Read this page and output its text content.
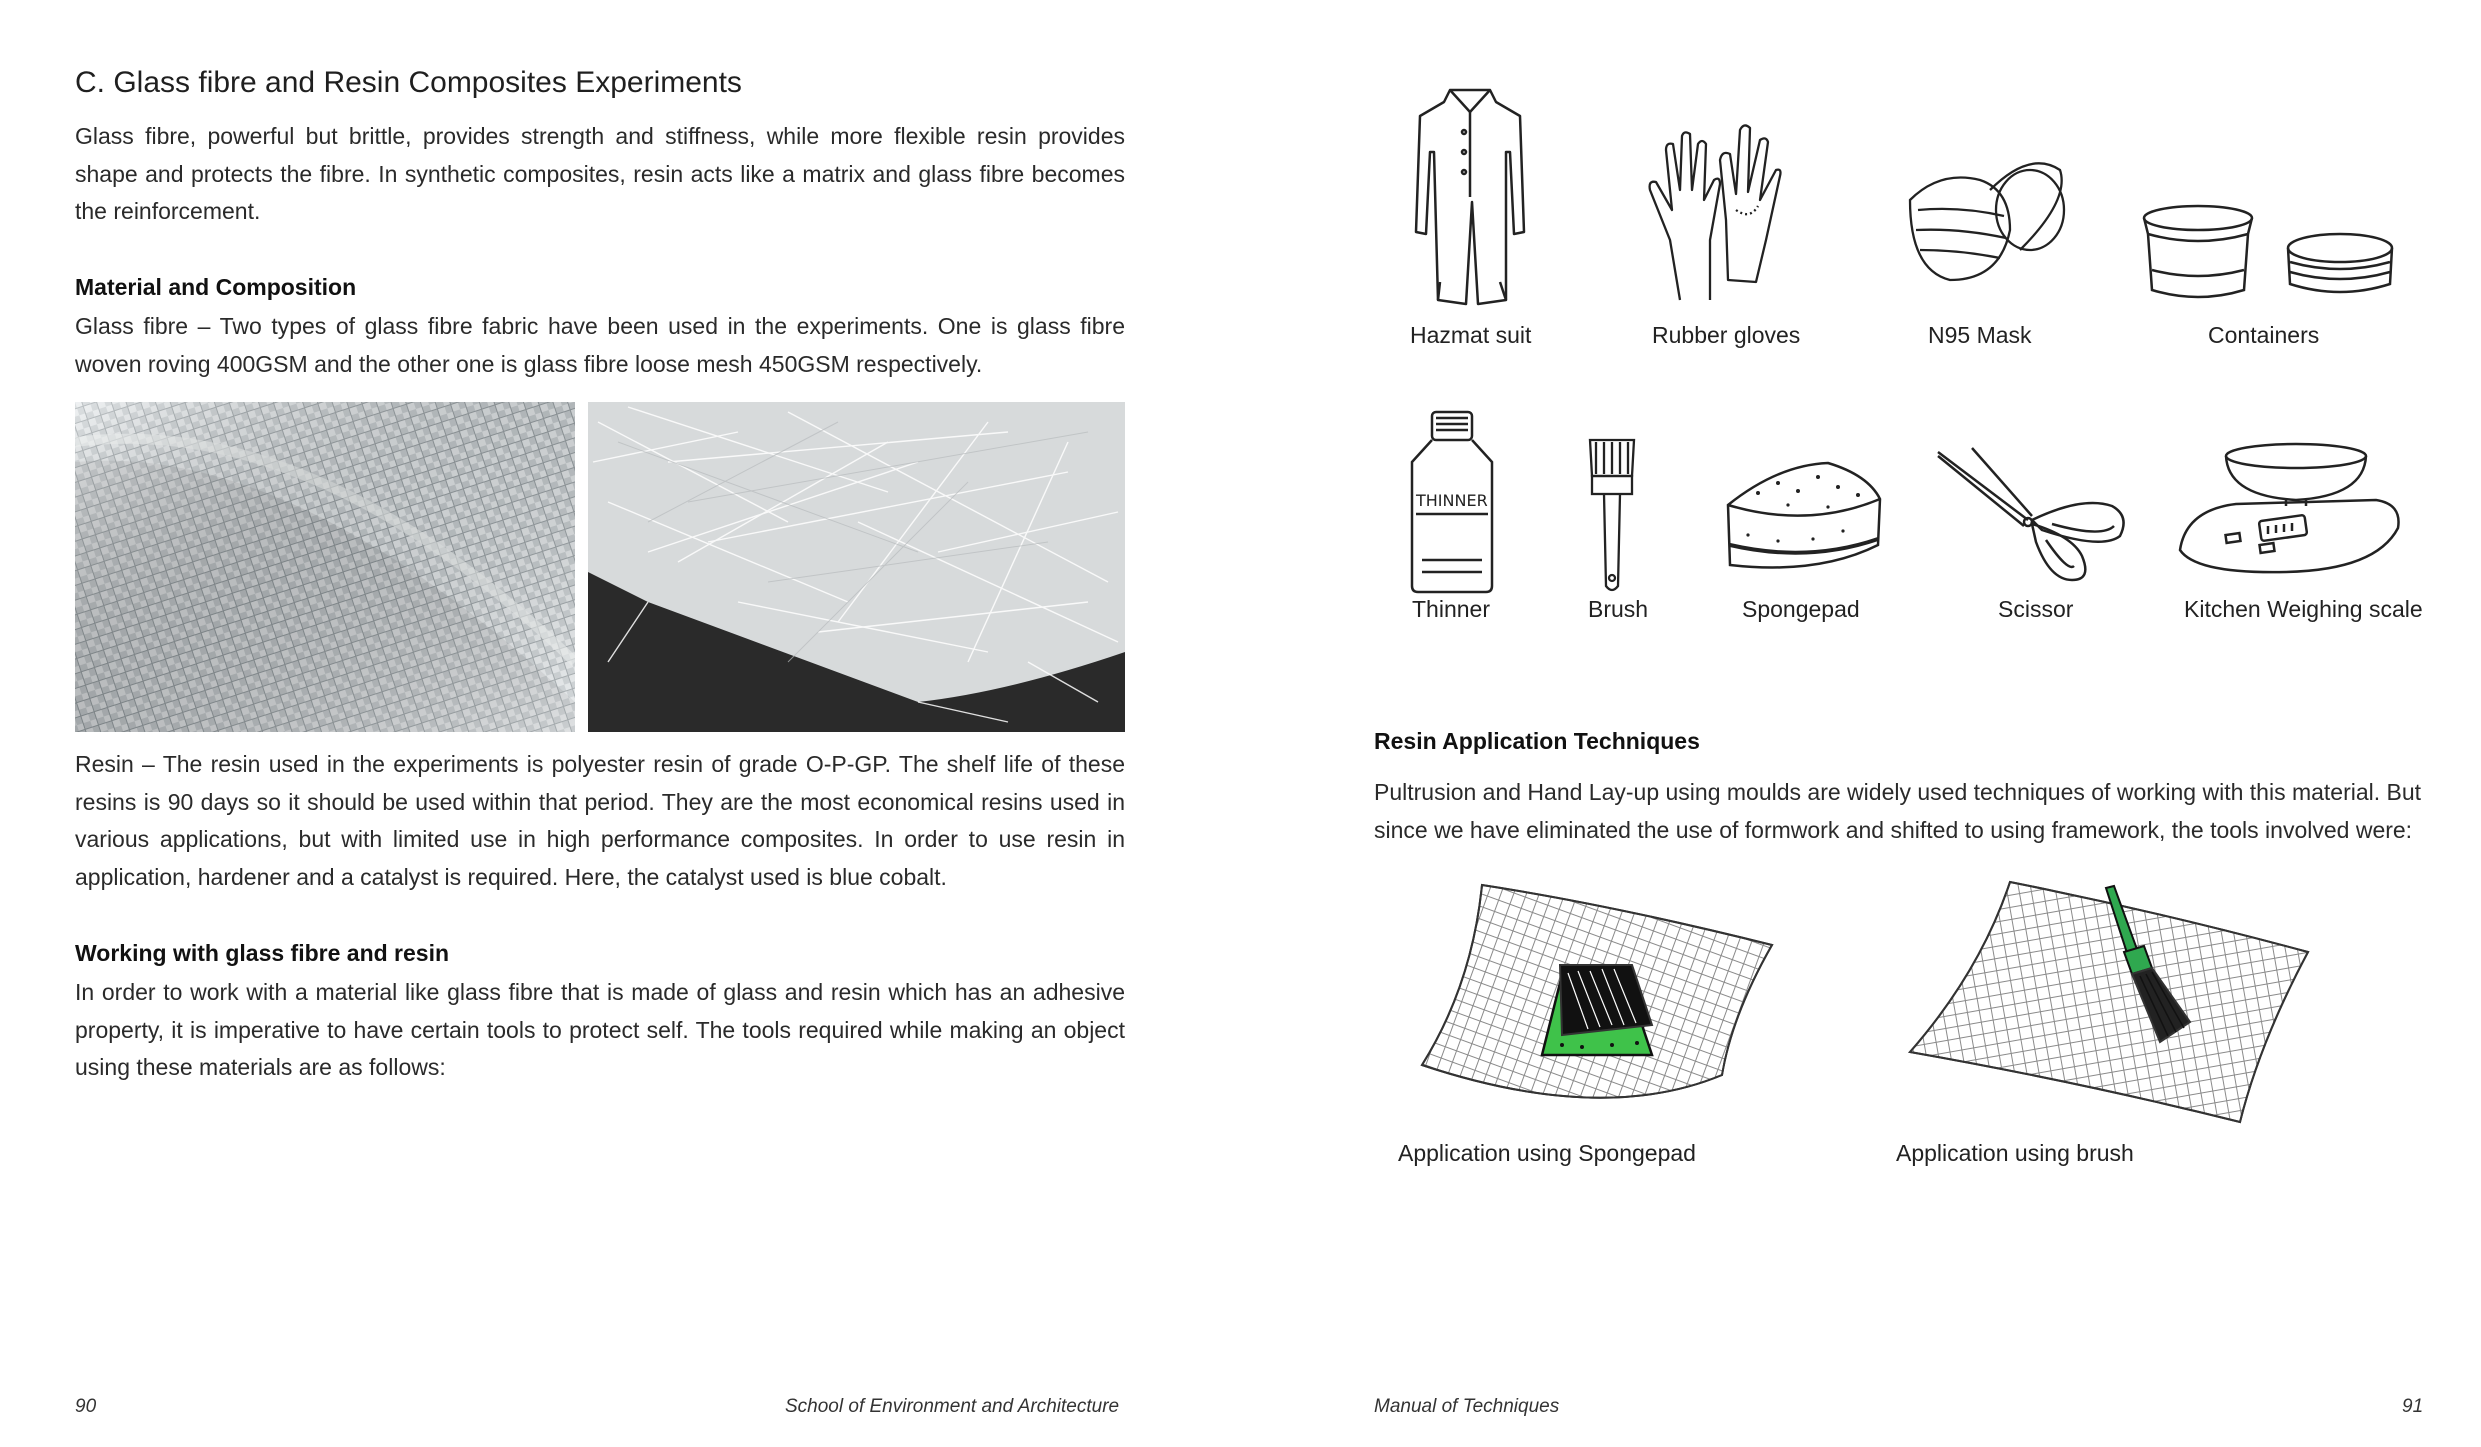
C. Glass fibre and Resin Composites Experiments

Glass fibre, powerful but brittle, provides strength and stiffness, while more flexible resin provides shape and protects the fibre. In synthetic composites, resin acts like a matrix and glass fibre becomes the reinforcement.

Material and Composition

Glass fibre – Two types of glass fibre fabric have been used in the experiments. One is glass fibre woven roving 400GSM and the other one is glass fibre loose mesh 450GSM respectively.

Resin – The resin used in the experiments is polyester resin of grade O-P-GP. The shelf life of these resins is 90 days so it should be used within that period. They are the most economical resins used in various applications, but with limited use in high performance composites. In order to use resin in application, hardener and a catalyst is required. Here, the catalyst used is blue cobalt.

Working with glass fibre and resin

In order to work with a material like glass fibre that is made of glass and resin which has an adhesive property, it is imperative to have certain tools to protect self. The tools required while making an object using these materials are as follows:

90	School of Environment and Architecture
Hazmat suit	Rubber gloves	N95 Mask	Containers
THINNER
Thinner	Brush	Spongepad	Scissor	Kitchen Weighing scale
Resin Application Techniques

Pultrusion and Hand Lay-up using moulds are widely used techniques of working with this material. But since we have eliminated the use of formwork and shifted to using framework, the tools involved were:

Application using Spongepad	Application using brush
Manual of Techniques	91
